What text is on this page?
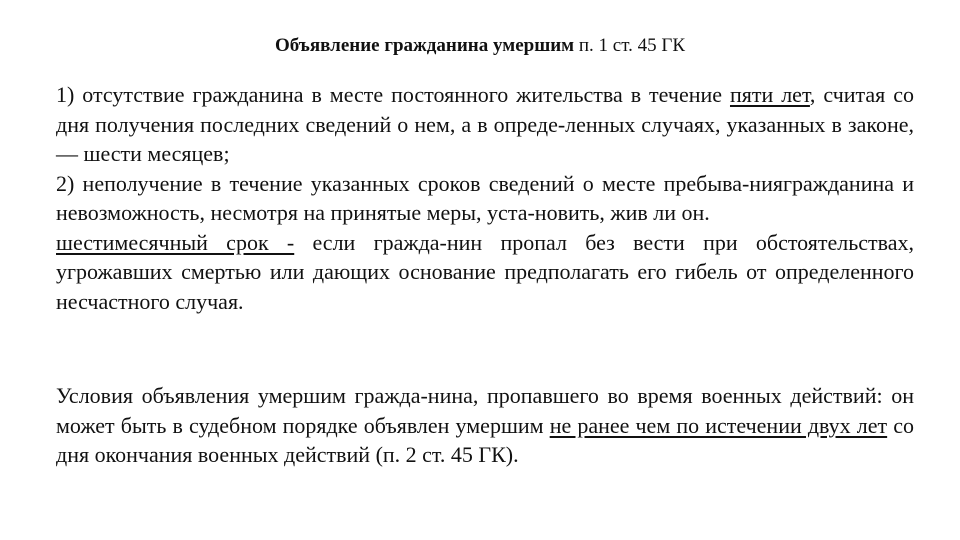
Объявление гражданина умершим п. 1 ст. 45 ГК

1) отсутствие гражданина в месте постоянного жительства в течение пяти лет, считая со дня получения последних сведений о нем, а в опреде-ленных случаях, указанных в законе, — шести месяцев;

2) неполучение в течение указанных сроков сведений о месте пребыва-ниягражданина и невозможность, несмотря на принятые меры, уста-новить, жив ли он.

шестимесячный срок - если гражда-нин пропал без вести при обстоятельствах, угрожавших смертью или дающих основание предполагать его гибель от определенного несчастного случая.

Условия объявления умершим гражда-нина, пропавшего во время военных действий: он может быть в судебном порядке объявлен умершим не ранее чем по истечении двух лет со дня окончания военных действий (п. 2 ст. 45 ГК).
